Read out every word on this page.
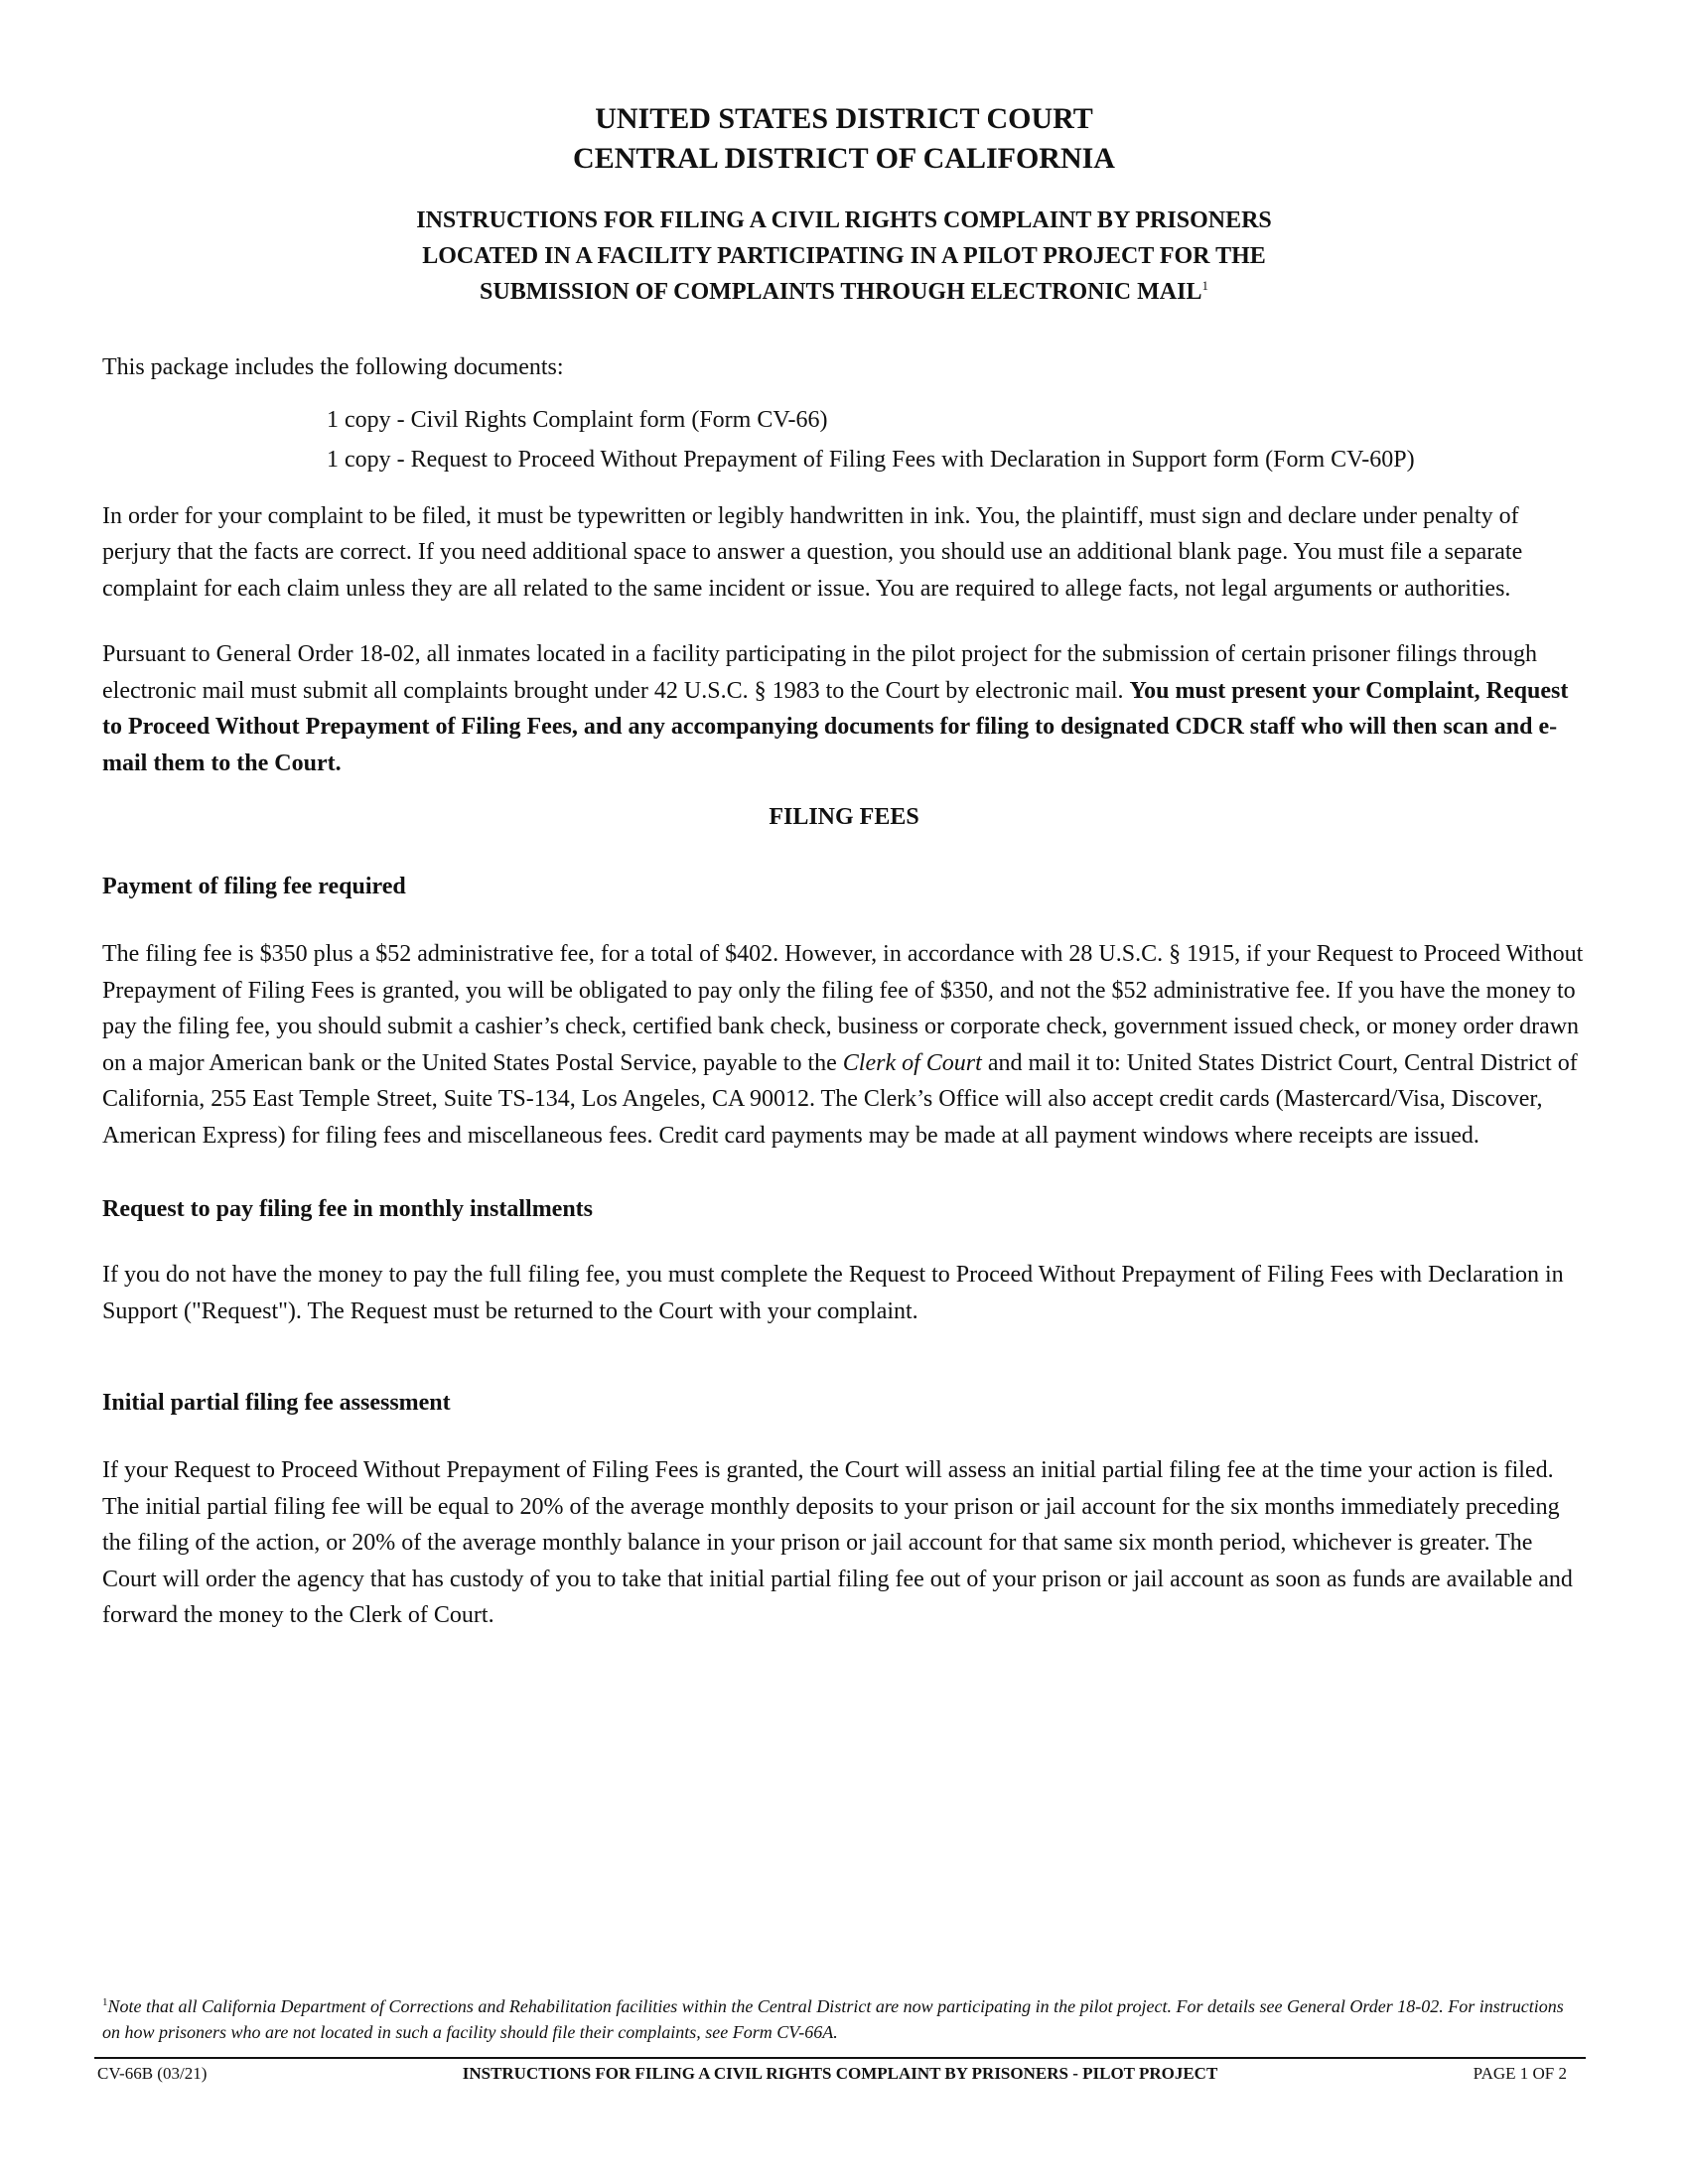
UNITED STATES DISTRICT COURT
CENTRAL DISTRICT OF CALIFORNIA
INSTRUCTIONS FOR FILING A CIVIL RIGHTS COMPLAINT BY PRISONERS
LOCATED IN A FACILITY PARTICIPATING IN A PILOT PROJECT FOR THE
SUBMISSION OF COMPLAINTS THROUGH ELECTRONIC MAIL$^1$

This package includes the following documents:

1 copy - Civil Rights Complaint form (Form CV-66)
1 copy - Request to Proceed Without Prepayment of Filing Fees with Declaration in Support form (Form CV-60P)

In order for your complaint to be filed, it must be typewritten or legibly handwritten in ink. You, the plaintiff, must sign and declare under penalty of perjury that the facts are correct. If you need additional space to answer a question, you should use an additional blank page. You must file a separate complaint for each claim unless they are all related to the same incident or issue. You are required to allege facts, not legal arguments or authorities.

Pursuant to General Order 18-02, all inmates located in a facility participating in the pilot project for the submission of certain prisoner filings through electronic mail must submit all complaints brought under 42 U.S.C. § 1983 to the Court by electronic mail. You must present your Complaint, Request to Proceed Without Prepayment of Filing Fees, and any accompanying documents for filing to designated CDCR staff who will then scan and e-mail them to the Court.

FILING FEES
Payment of filing fee required

The filing fee is $350 plus a $52 administrative fee, for a total of $402. However, in accordance with 28 U.S.C. § 1915, if your Request to Proceed Without Prepayment of Filing Fees is granted, you will be obligated to pay only the filing fee of $350, and not the $52 administrative fee. If you have the money to pay the filing fee, you should submit a cashier’s check, certified bank check, business or corporate check, government issued check, or money order drawn on a major American bank or the United States Postal Service, payable to the Clerk of Court and mail it to: United States District Court, Central District of California, 255 East Temple Street, Suite TS-134, Los Angeles, CA 90012. The Clerk’s Office will also accept credit cards (Mastercard/Visa, Discover, American Express) for filing fees and miscellaneous fees. Credit card payments may be made at all payment windows where receipts are issued.

Request to pay filing fee in monthly installments

If you do not have the money to pay the full filing fee, you must complete the Request to Proceed Without Prepayment of Filing Fees with Declaration in Support ("Request"). The Request must be returned to the Court with your complaint.

Initial partial filing fee assessment

If your Request to Proceed Without Prepayment of Filing Fees is granted, the Court will assess an initial partial filing fee at the time your action is filed. The initial partial filing fee will be equal to 20% of the average monthly deposits to your prison or jail account for the six months immediately preceding the filing of the action, or 20% of the average monthly balance in your prison or jail account for that same six month period, whichever is greater. The Court will order the agency that has custody of you to take that initial partial filing fee out of your prison or jail account as soon as funds are available and forward the money to the Clerk of Court.

$^1$Note that all California Department of Corrections and Rehabilitation facilities within the Central District are now participating in the pilot project. For details see General Order 18-02. For instructions on how prisoners who are not located in such a facility should file their complaints, see Form CV-66A.
CV-66B (03/21)	INSTRUCTIONS FOR FILING A CIVIL RIGHTS COMPLAINT BY PRISONERS - PILOT PROJECT	PAGE 1 OF 2
